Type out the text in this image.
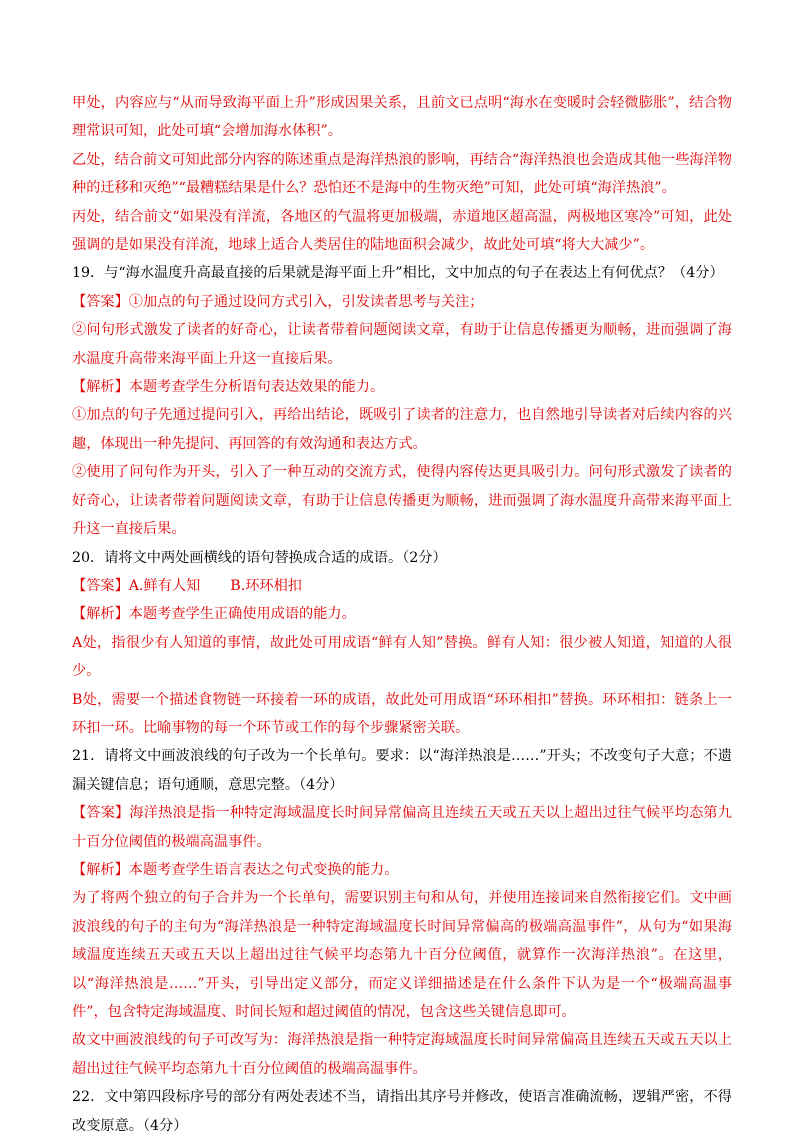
甲处，内容应与“从而导致海平面上升”形成因果关系，且前文已点明“海水在变暖时会轻微膨胀”，结合物理常识可知，此处可填“会增加海水体积”。

乙处，结合前文可知此部分内容的陈述重点是海洋热浪的影响，再结合“海洋热浪也会造成其他一些海洋物种的迁移和灭绝”“最糟糕结果是什么？恐怕还不是海中的生物灭绝”可知，此处可填“海洋热浪”。

丙处，结合前文“如果没有洋流，各地区的气温将更加极端，赤道地区超高温，两极地区寒冷”可知，此处强调的是如果没有洋流，地球上适合人类居住的陆地面积会减少，故此处可填“将大大减少”。

19．与“海水温度升高最直接的后果就是海平面上升”相比，文中加点的句子在表达上有何优点？（4分）

【答案】①加点的句子通过设问方式引入，引发读者思考与关注；

②问句形式激发了读者的好奇心，让读者带着问题阅读文章，有助于让信息传播更为顺畅，进而强调了海水温度升高带来海平面上升这一直接后果。

【解析】本题考查学生分析语句表达效果的能力。

①加点的句子先通过提问引入，再给出结论，既吸引了读者的注意力，也自然地引导读者对后续内容的兴趣，体现出一种先提问、再回答的有效沟通和表达方式。

②使用了问句作为开头，引入了一种互动的交流方式，使得内容传达更具吸引力。问句形式激发了读者的好奇心，让读者带着问题阅读文章，有助于让信息传播更为顺畅，进而强调了海水温度升高带来海平面上升这一直接后果。

20．请将文中两处画横线的语句替换成合适的成语。（2分）

【答案】A.鲜有人知 B.环环相扣

【解析】本题考查学生正确使用成语的能力。

A处，指很少有人知道的事情，故此处可用成语“鲜有人知”替换。鲜有人知：很少被人知道，知道的人很少。

B处，需要一个描述食物链一环接着一环的成语，故此处可用成语“环环相扣”替换。环环相扣：链条上一环扣一环。比喻事物的每一个环节或工作的每个步骤紧密关联。

21．请将文中画波浪线的句子改为一个长单句。要求：以“海洋热浪是……”开头；不改变句子大意；不遗漏关键信息；语句通顺，意思完整。（4分）

【答案】海洋热浪是指一种特定海域温度长时间异常偏高且连续五天或五天以上超出过往气候平均态第九十百分位阈值的极端高温事件。

【解析】本题考查学生语言表达之句式变换的能力。

为了将两个独立的句子合并为一个长单句，需要识别主句和从句，并使用连接词来自然衔接它们。文中画波浪线的句子的主句为“海洋热浪是一种特定海域温度长时间异常偏高的极端高温事件”，从句为“如果海域温度连续五天或五天以上超出过往气候平均态第九十百分位阈值，就算作一次海洋热浪”。在这里，以“海洋热浪是……”开头，引导出定义部分，而定义详细描述是在什么条件下认为是一个“极端高温事件”，包含特定海域温度、时间长短和超过阈值的情况，包含这些关键信息即可。

故文中画波浪线的句子可改写为：海洋热浪是指一种特定海域温度长时间异常偏高且连续五天或五天以上超出过往气候平均态第九十百分位阈值的极端高温事件。

22．文中第四段标序号的部分有两处表述不当，请指出其序号并修改，使语言准确流畅，逻辑严密，不得改变原意。（4分）
